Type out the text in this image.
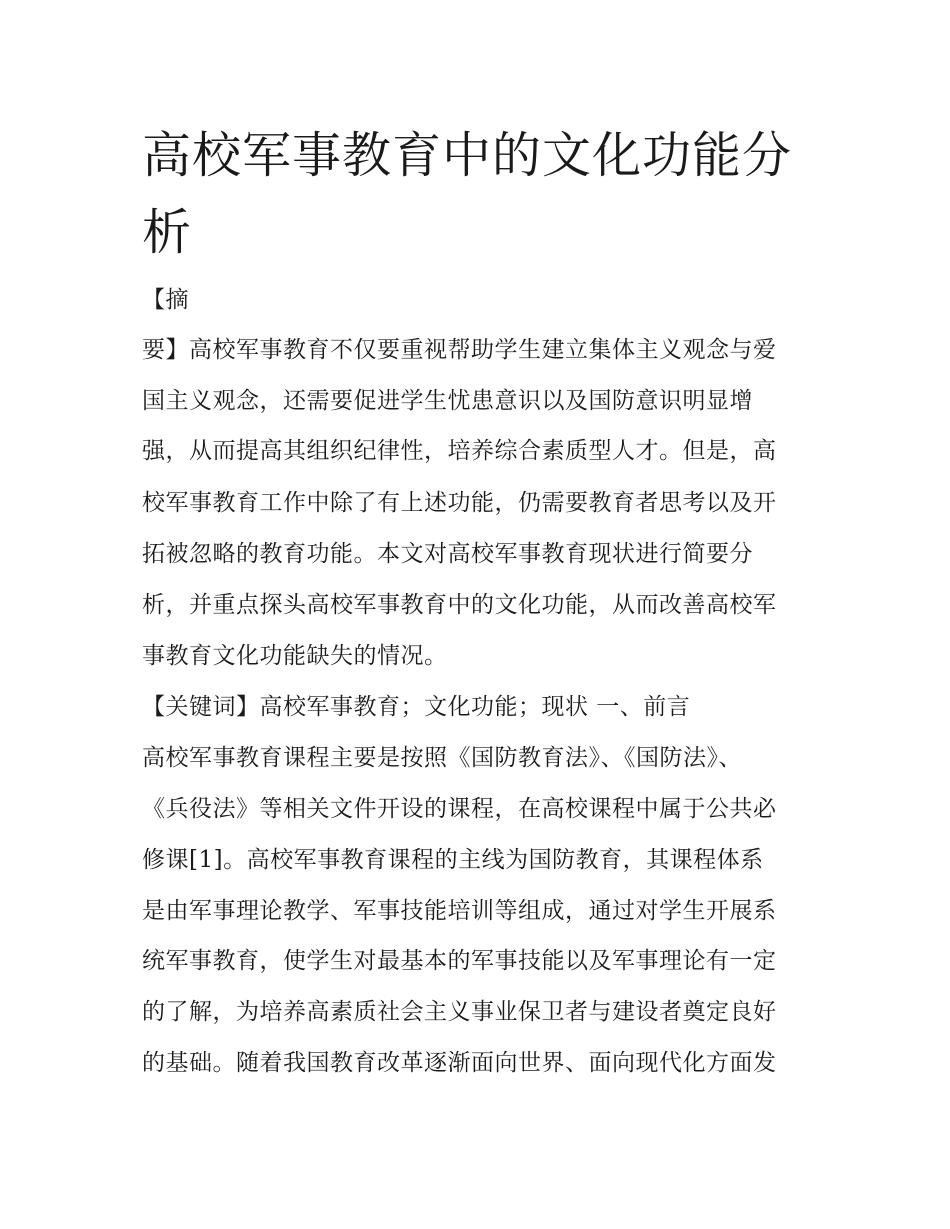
高校军事教育中的文化功能分
析

【摘

要】高校军事教育不仅要重视帮助学生建立集体主义观念与爱

国主义观念，还需要促进学生忧患意识以及国防意识明显增

强，从而提高其组织纪律性，培养综合素质型人才。但是，高

校军事教育工作中除了有上述功能，仍需要教育者思考以及开

拓被忽略的教育功能。本文对高校军事教育现状进行简要分

析，并重点探头高校军事教育中的文化功能，从而改善高校军

事教育文化功能缺失的情况。

【关键词】高校军事教育；文化功能；现状 一、前言

高校军事教育课程主要是按照《国防教育法》、《国防法》、

《兵役法》等相关文件开设的课程，在高校课程中属于公共必

修课[1]。高校军事教育课程的主线为国防教育，其课程体系

是由军事理论教学、军事技能培训等组成，通过对学生开展系

统军事教育，使学生对最基本的军事技能以及军事理论有一定

的了解，为培养高素质社会主义事业保卫者与建设者奠定良好

的基础。随着我国教育改革逐渐面向世界、面向现代化方面发
